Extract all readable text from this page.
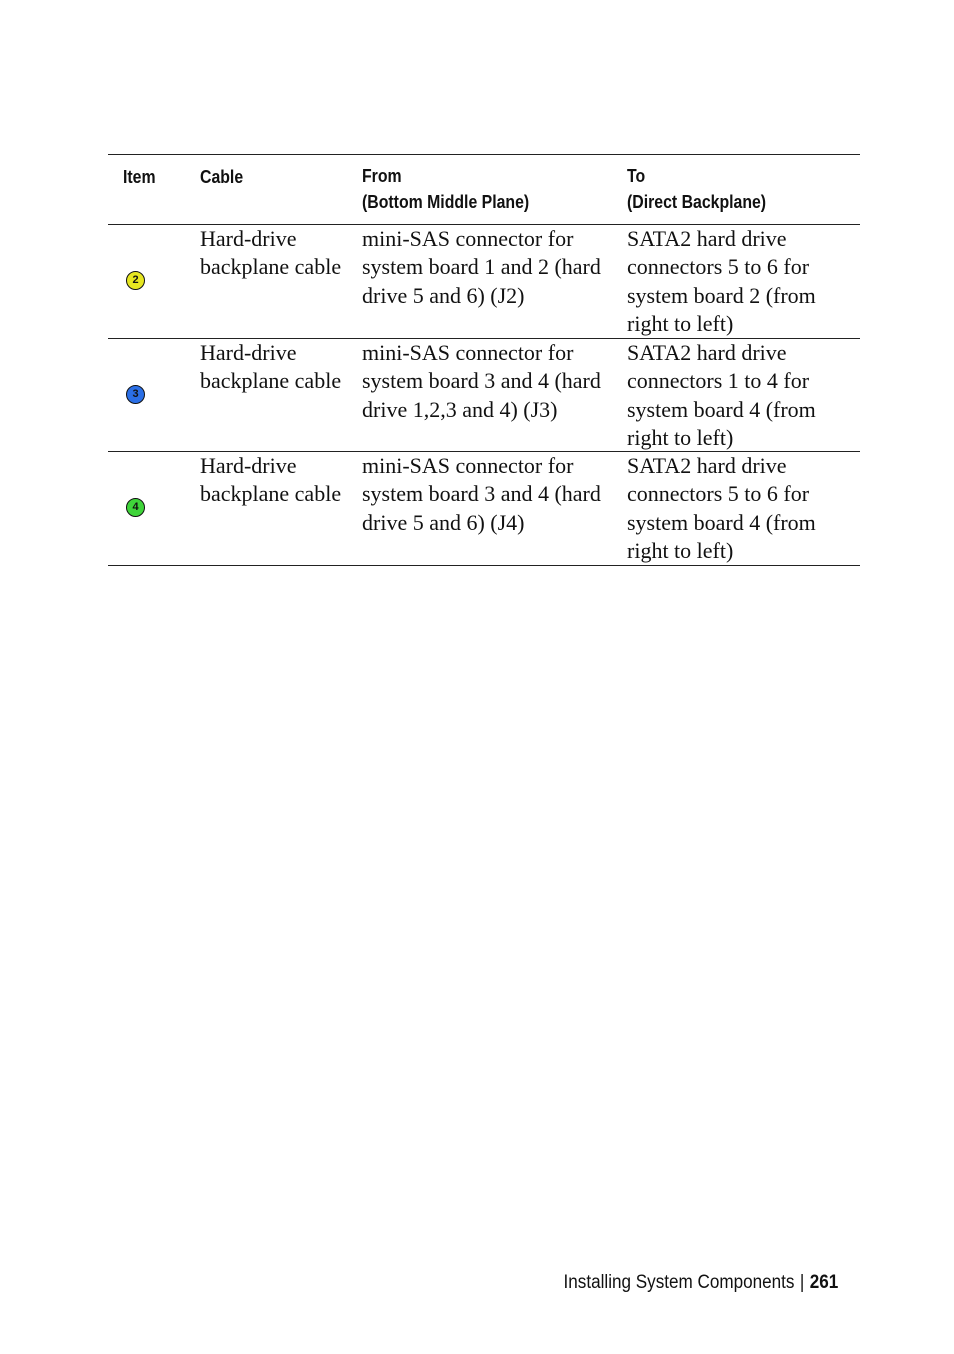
Item Cable	From
(Bottom Middle Plane)
To
(Direct Backplane)
2
Hard-drive backplane cable
mini-SAS connector for system board 1 and 2 (hard drive 5 and 6) (J2)
SATA2 hard drive connectors 5 to 6 for system board 2 (from right to left)
3
Hard-drive backplane cable
mini-SAS connector for system board 3 and 4 (hard drive 1,2,3 and 4) (J3)
SATA2 hard drive connectors 1 to 4 for system board 4 (from right to left)
4
Hard-drive backplane cable
mini-SAS connector for system board 3 and 4 (hard drive 5 and 6) (J4)
SATA2 hard drive connectors 5 to 6 for system board 4 (from right to left)
Installing System Components | 261
